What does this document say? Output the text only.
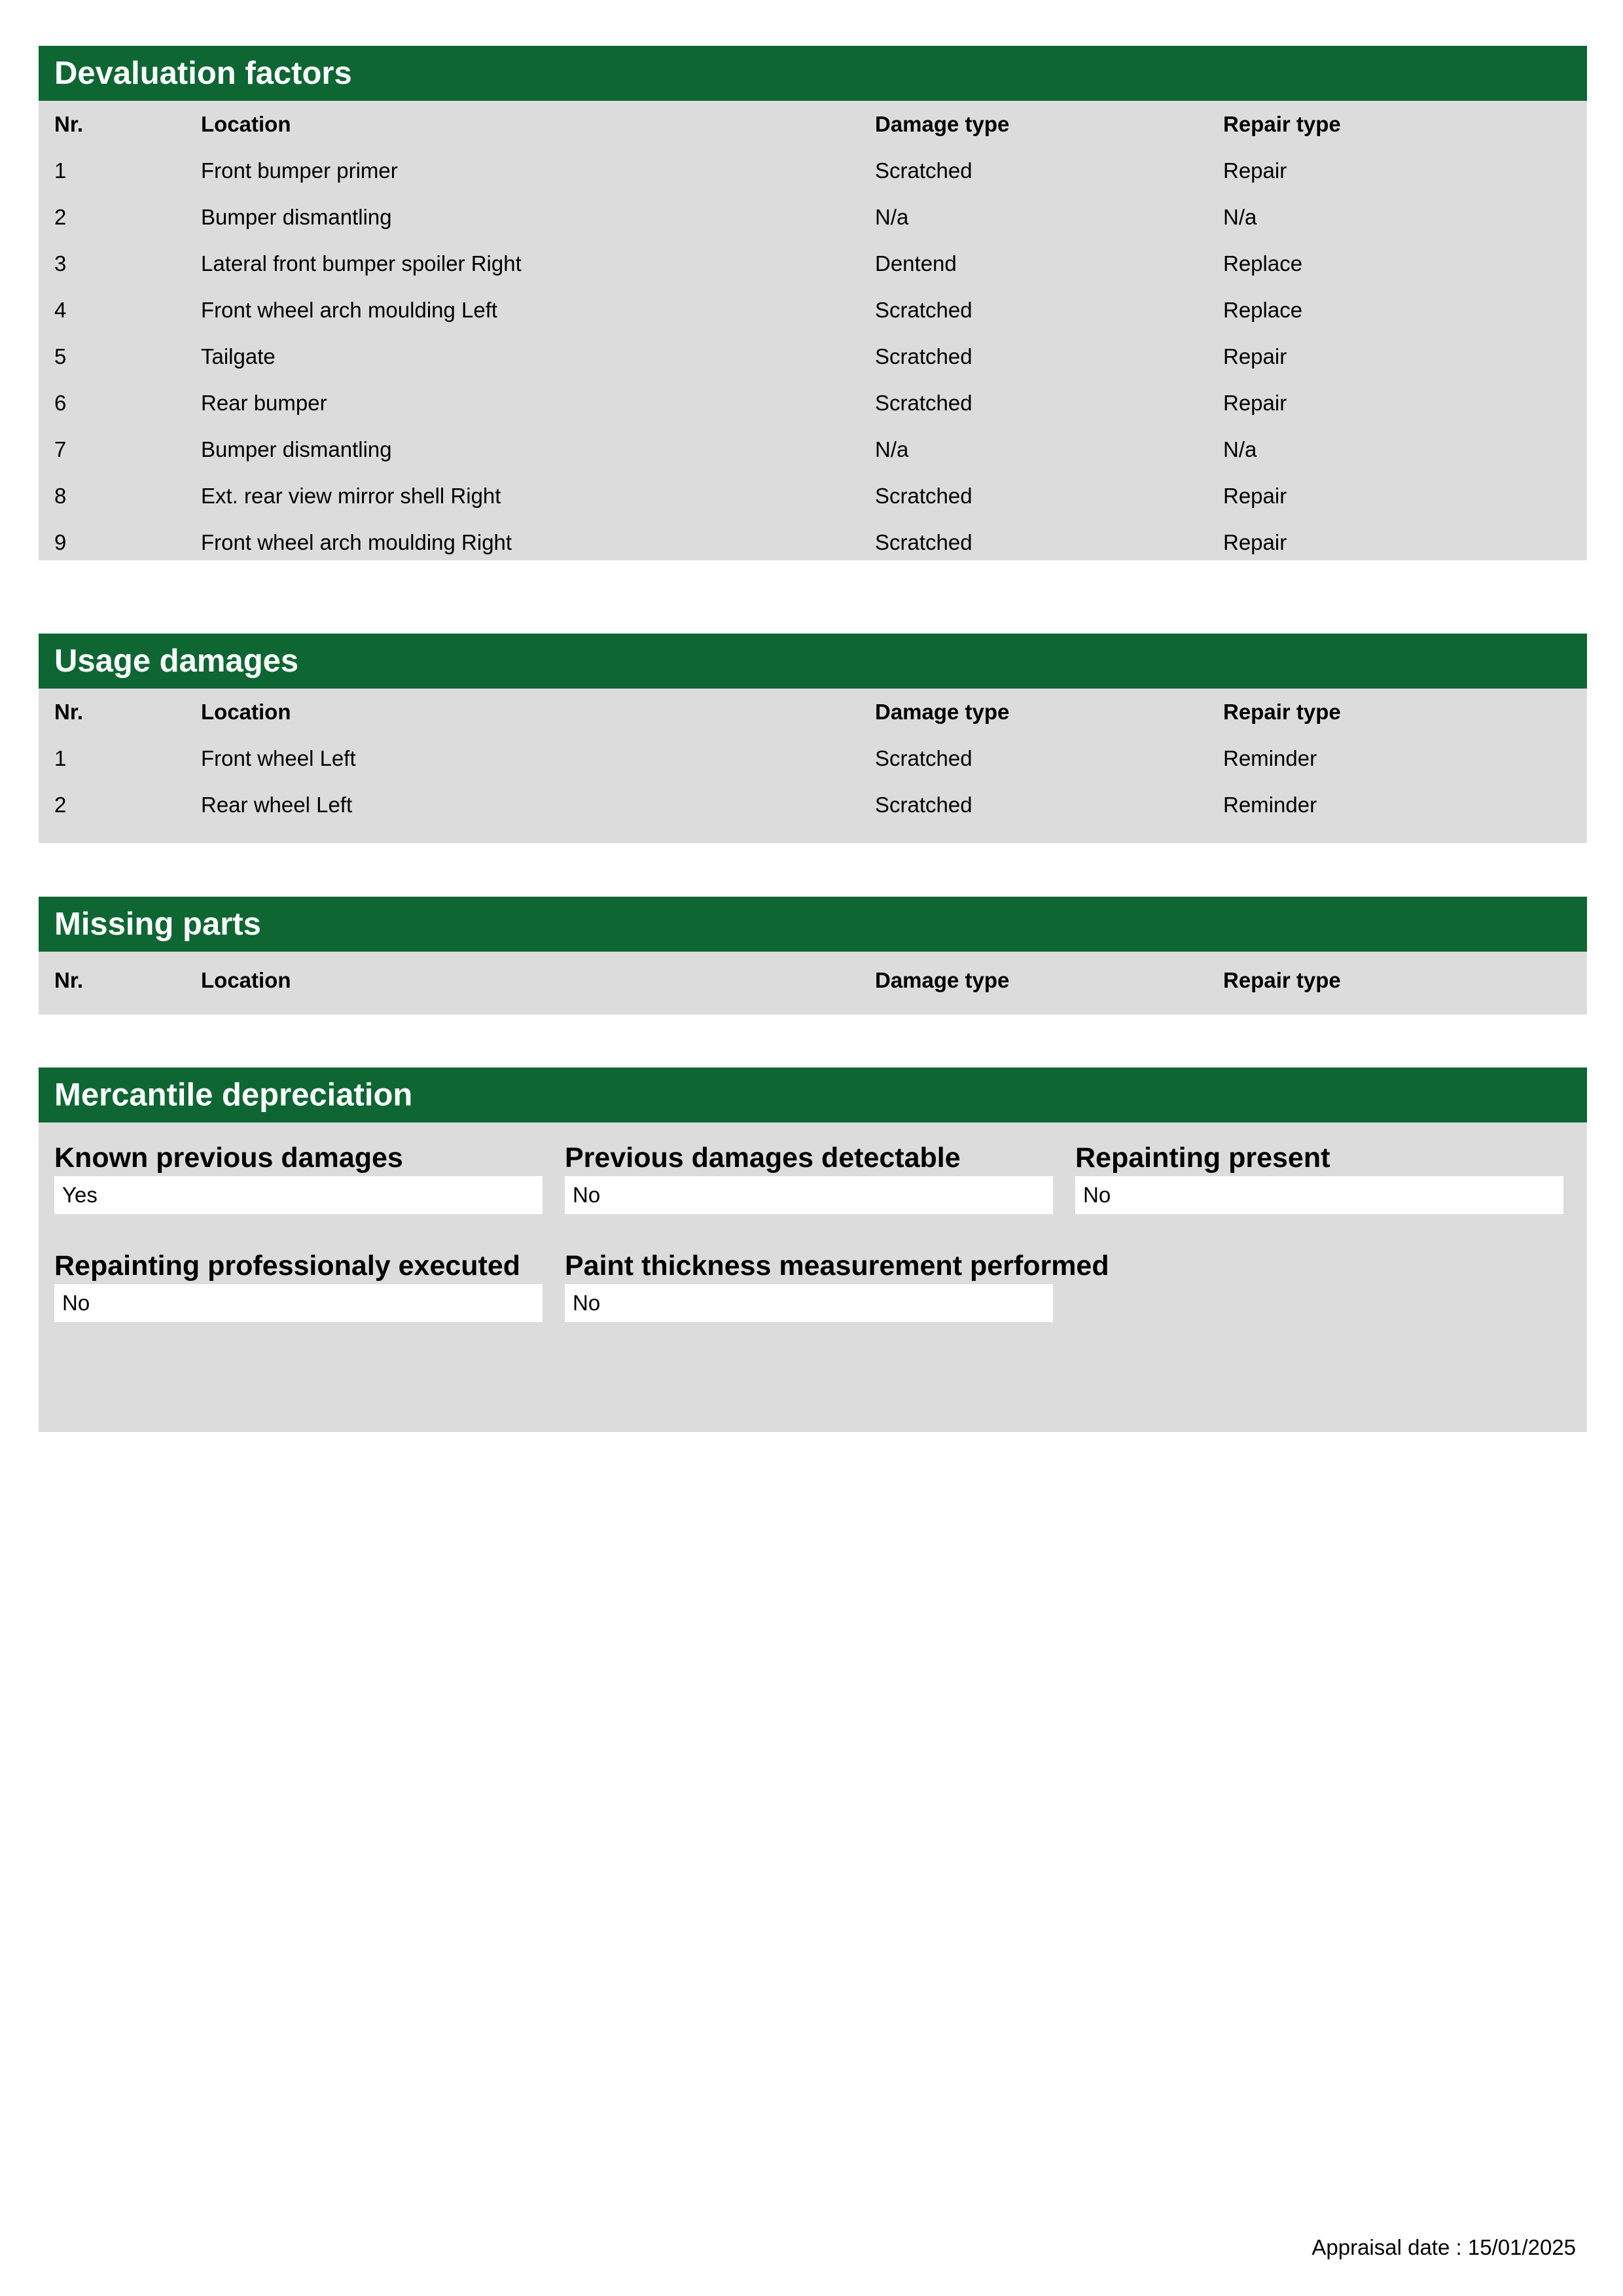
Devaluation factors
Nr.	Location	Damage type	Repair type
1	Front bumper primer	Scratched	Repair
2	Bumper dismantling	N/a	N/a
3	Lateral front bumper spoiler Right	Dentend	Replace
4	Front wheel arch moulding Left	Scratched	Replace
5	Tailgate	Scratched	Repair
6	Rear bumper	Scratched	Repair
7	Bumper dismantling	N/a	N/a
8	Ext. rear view mirror shell Right	Scratched	Repair
9	Front wheel arch moulding Right	Scratched	Repair
Usage damages
Nr.	Location	Damage type	Repair type
1	Front wheel Left	Scratched	Reminder
2	Rear wheel Left	Scratched	Reminder
Missing parts
Nr.	Location	Damage type	Repair type
Mercantile depreciation
Known previous damages
Yes
Previous damages detectable
No
Repainting present
No
Repainting professionaly executed
No
Paint thickness measurement performed
No
Appraisal date : 15/01/2025
